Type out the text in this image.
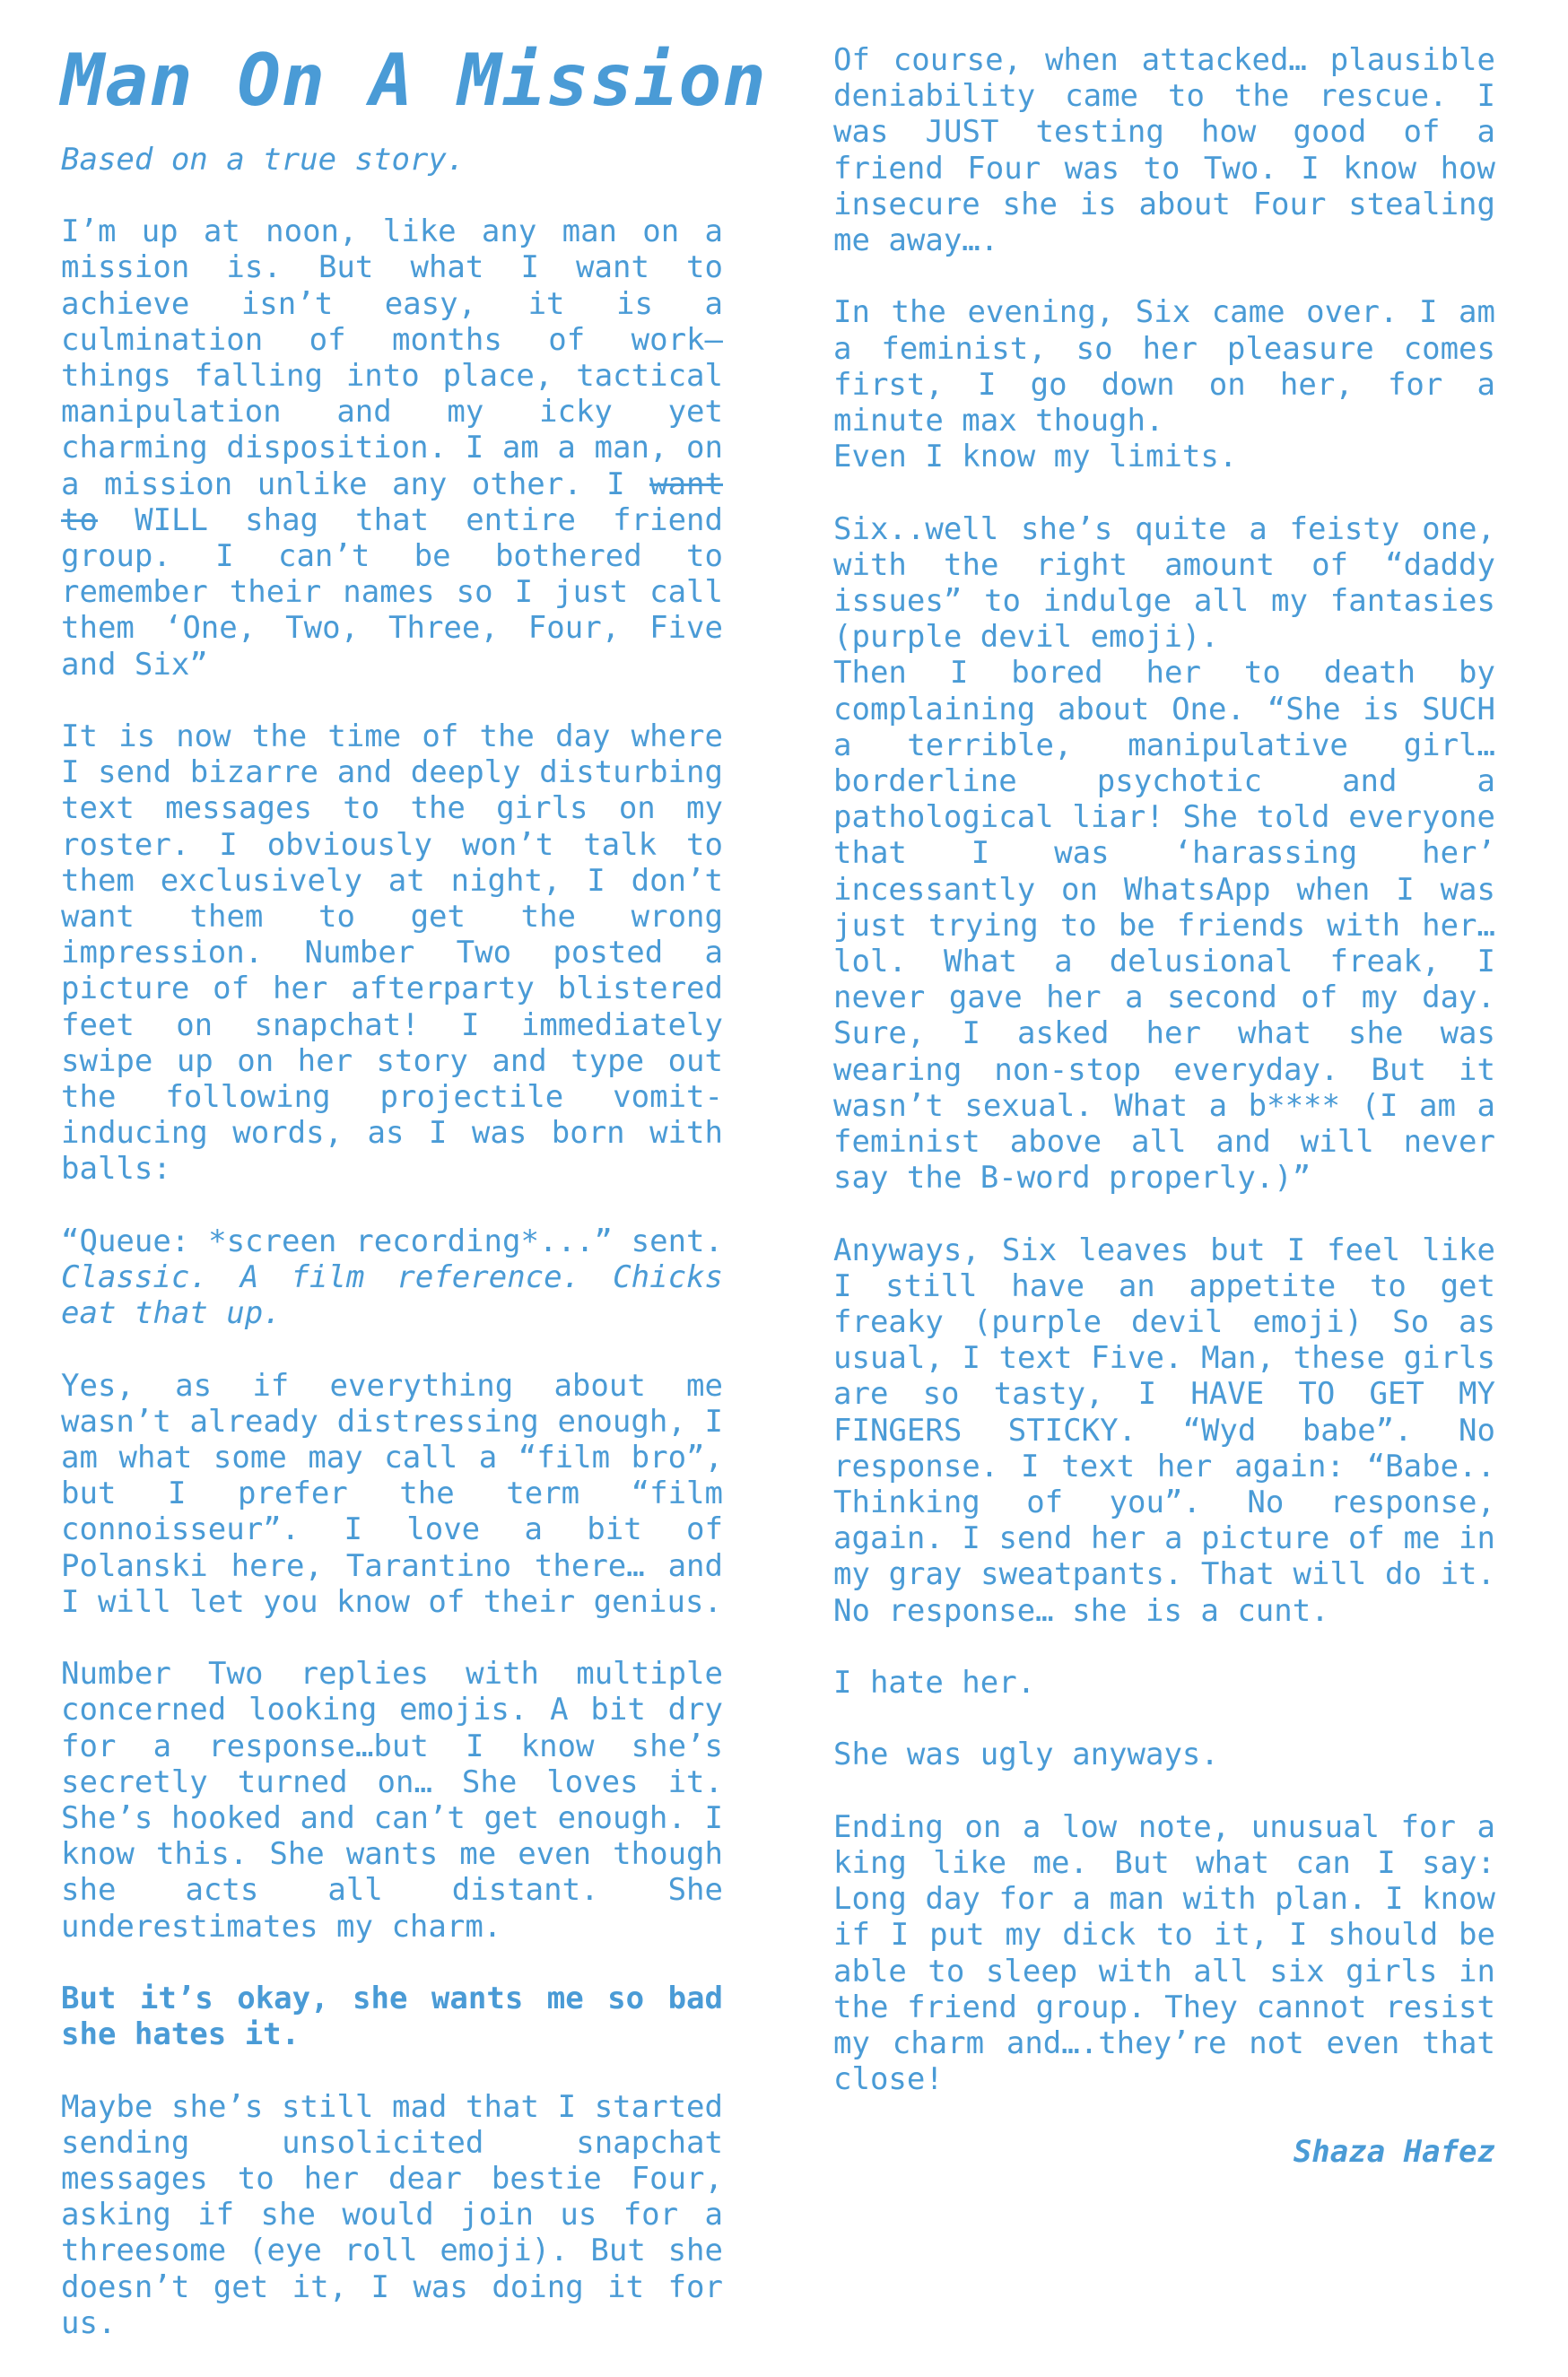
Man On A Mission
Based on a true story.

I’m up at noon, like any man on a mission is. But what I want to achieve isn’t easy, it is a culmination of months of work– things falling into place, tactical manipulation and my icky yet charming disposition. I am a man, on a mission unlike any other. I want to WILL shag that entire friend group. I can’t be bothered to remember their names so I just call them ‘One, Two, Three, Four, Five and Six”

It is now the time of the day where I send bizarre and deeply disturbing text messages to the girls on my roster. I obviously won’t talk to them exclusively at night, I don’t want them to get the wrong impression. Number Two posted a picture of her afterparty blistered feet on snapchat! I immediately swipe up on her story and type out the following projectile vomit-inducing words, as I was born with balls:

“Queue: *screen recording*...” sent. Classic. A film reference. Chicks eat that up.

Yes, as if everything about me wasn’t already distressing enough, I am what some may call a “film bro”, but I prefer the term “film connoisseur”. I love a bit of Polanski here, Tarantino there… and I will let you know of their genius.

Number Two replies with multiple concerned looking emojis. A bit dry for a response…but I know she’s secretly turned on… She loves it. She’s hooked and can’t get enough. I know this. She wants me even though she acts all distant. She underestimates my charm.

But it’s okay, she wants me so bad she hates it.

Maybe she’s still mad that I started sending unsolicited snapchat messages to her dear bestie Four, asking if she would join us for a threesome (eye roll emoji). But she doesn’t get it, I was doing it for us.

Of course, when attacked… plausible deniability came to the rescue. I was JUST testing how good of a friend Four was to Two. I know how insecure she is about Four stealing me away….

In the evening, Six came over. I am a feminist, so her pleasure comes first, I go down on her, for a minute max though.

Even I know my limits.

Six..well she’s quite a feisty one, with the right amount of “daddy issues” to indulge all my fantasies (purple devil emoji).

Then I bored her to death by complaining about One. “She is SUCH a terrible, manipulative girl… borderline psychotic and a pathological liar! She told everyone that I was ‘harassing her’ incessantly on WhatsApp when I was just trying to be friends with her…lol. What a delusional freak, I never gave her a second of my day. Sure, I asked her what she was wearing non-stop everyday. But it wasn’t sexual. What a b**** (I am a feminist above all and will never say the B-word properly.)”

Anyways, Six leaves but I feel like I still have an appetite to get freaky (purple devil emoji) So as usual, I text Five. Man, these girls are so tasty, I HAVE TO GET MY FINGERS STICKY. “Wyd babe”. No response. I text her again: “Babe.. Thinking of you”. No response, again. I send her a picture of me in my gray sweatpants. That will do it. No response… she is a cunt.

I hate her.

She was ugly anyways.

Ending on a low note, unusual for a king like me. But what can I say: Long day for a man with plan. I know if I put my dick to it, I should be able to sleep with all six girls in the friend group. They cannot resist my charm and….they’re not even that close!

Shaza Hafez
